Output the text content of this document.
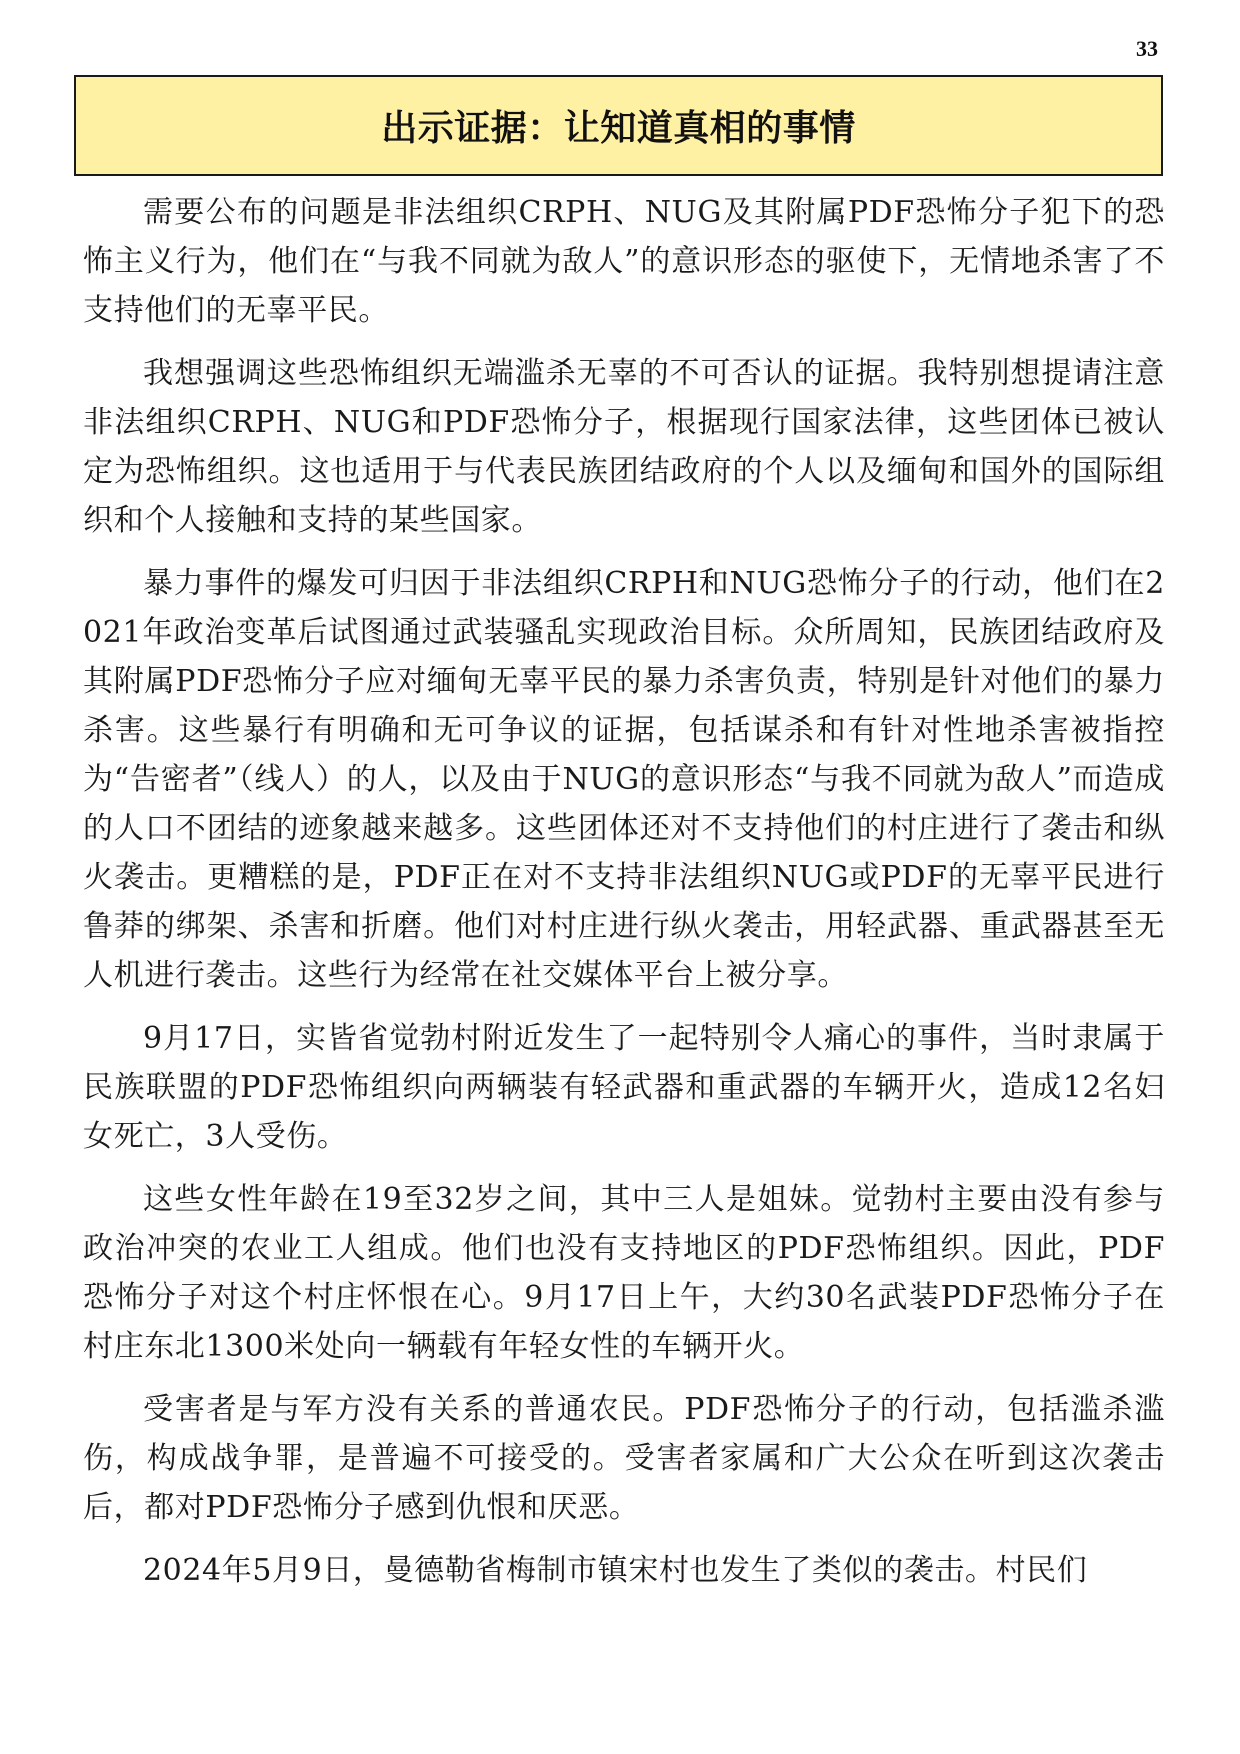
33
出示证据：让知道真相的事情

需要公布的问题是非法组织CRPH、NUG及其附属PDF恐怖分子犯下的恐怖主义行为，他们在“与我不同就为敌人”的意识形态的驱使下，无情地杀害了不支持他们的无辜平民。

我想强调这些恐怖组织无端滥杀无辜的不可否认的证据。我特别想提请注意非法组织CRPH、NUG和PDF恐怖分子，根据现行国家法律，这些团体已被认定为恐怖组织。这也适用于与代表民族团结政府的个人以及缅甸和国外的国际组织和个人接触和支持的某些国家。

暴力事件的爆发可归因于非法组织CRPH和NUG恐怖分子的行动，他们在2021年政治变革后试图通过武装骚乱实现政治目标。众所周知，民族团结政府及其附属PDF恐怖分子应对缅甸无辜平民的暴力杀害负责，特别是针对他们的暴力杀害。这些暴行有明确和无可争议的证据，包括谋杀和有针对性地杀害被指控为“告密者”（线人）的人，以及由于NUG的意识形态“与我不同就为敌人”而造成的人口不团结的迹象越来越多。这些团体还对不支持他们的村庄进行了袭击和纵火袭击。更糟糕的是，PDF正在对不支持非法组织NUG或PDF的无辜平民进行鲁莽的绑架、杀害和折磨。他们对村庄进行纵火袭击，用轻武器、重武器甚至无人机进行袭击。这些行为经常在社交媒体平台上被分享。

9月17日，实皆省觉勃村附近发生了一起特别令人痛心的事件，当时隶属于民族联盟的PDF恐怖组织向两辆装有轻武器和重武器的车辆开火，造成12名妇女死亡，3人受伤。

这些女性年龄在19至32岁之间，其中三人是姐妹。觉勃村主要由没有参与政治冲突的农业工人组成。他们也没有支持地区的PDF恐怖组织。因此，PDF恐怖分子对这个村庄怀恨在心。9月17日上午，大约30名武装PDF恐怖分子在村庄东北1300米处向一辆载有年轻女性的车辆开火。

受害者是与军方没有关系的普通农民。PDF恐怖分子的行动，包括滥杀滥伤，构成战争罪，是普遍不可接受的。受害者家属和广大公众在听到这次袭击后，都对PDF恐怖分子感到仇恨和厌恶。

2024年5月9日，曼德勒省梅制市镇宋村也发生了类似的袭击。村民们
